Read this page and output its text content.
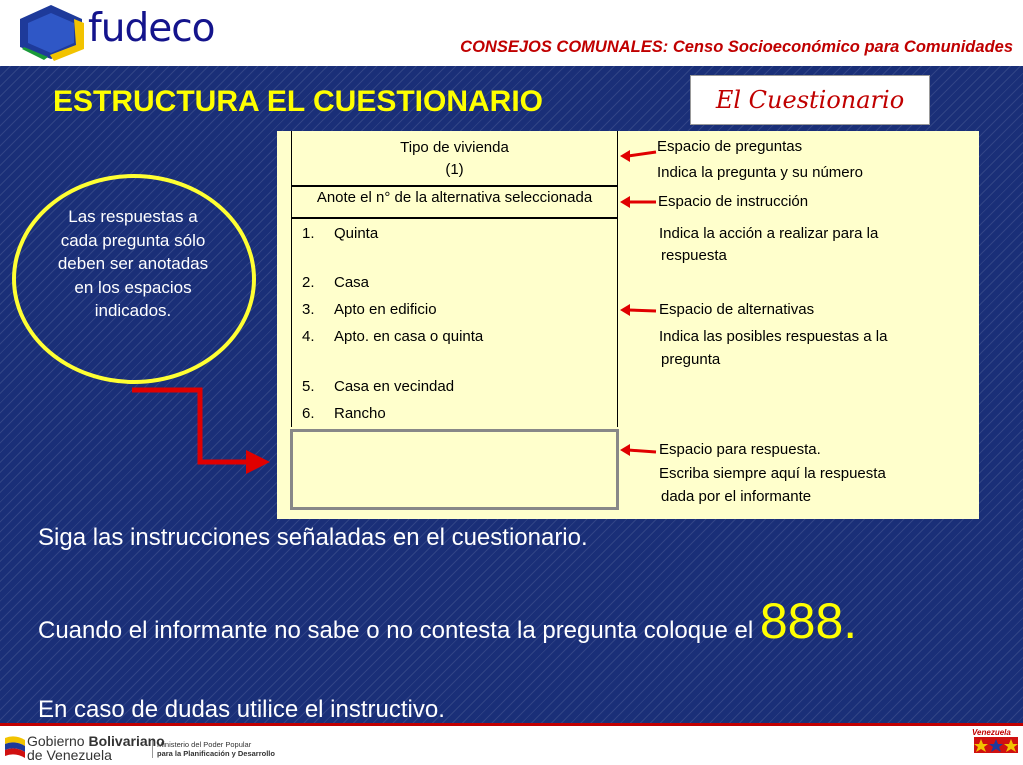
fudeco	CONSEJOS COMUNALES: Censo Socioeconómico para Comunidades
ESTRUCTURA EL CUESTIONARIO	El Cuestionario
Tipo de vivienda
(1)
Anote el n° de la alternativa seleccionada
1. Quinta
2. Casa
3. Apto en edificio
4. Apto. en casa o quinta
5. Casa en vecindad
6. Rancho
Espacio de preguntas
Indica la pregunta y su número
Espacio de instrucción
Indica la acción a realizar para la
respuesta
Espacio de alternativas
Indica las posibles respuestas a la
pregunta
Espacio para respuesta.
Escriba siempre aquí la respuesta
dada por el informante
Las respuestas a cada pregunta sólo deben ser anotadas en los espacios indicados.
Siga las instrucciones señaladas en el cuestionario.
Cuando el informante no sabe o no contesta la pregunta coloque el 888.
En caso de dudas utilice el instructivo.
Gobierno Bolivariano
de Venezuela
Ministerio del Poder Popular
para la Planificación y Desarrollo
Venezuela
